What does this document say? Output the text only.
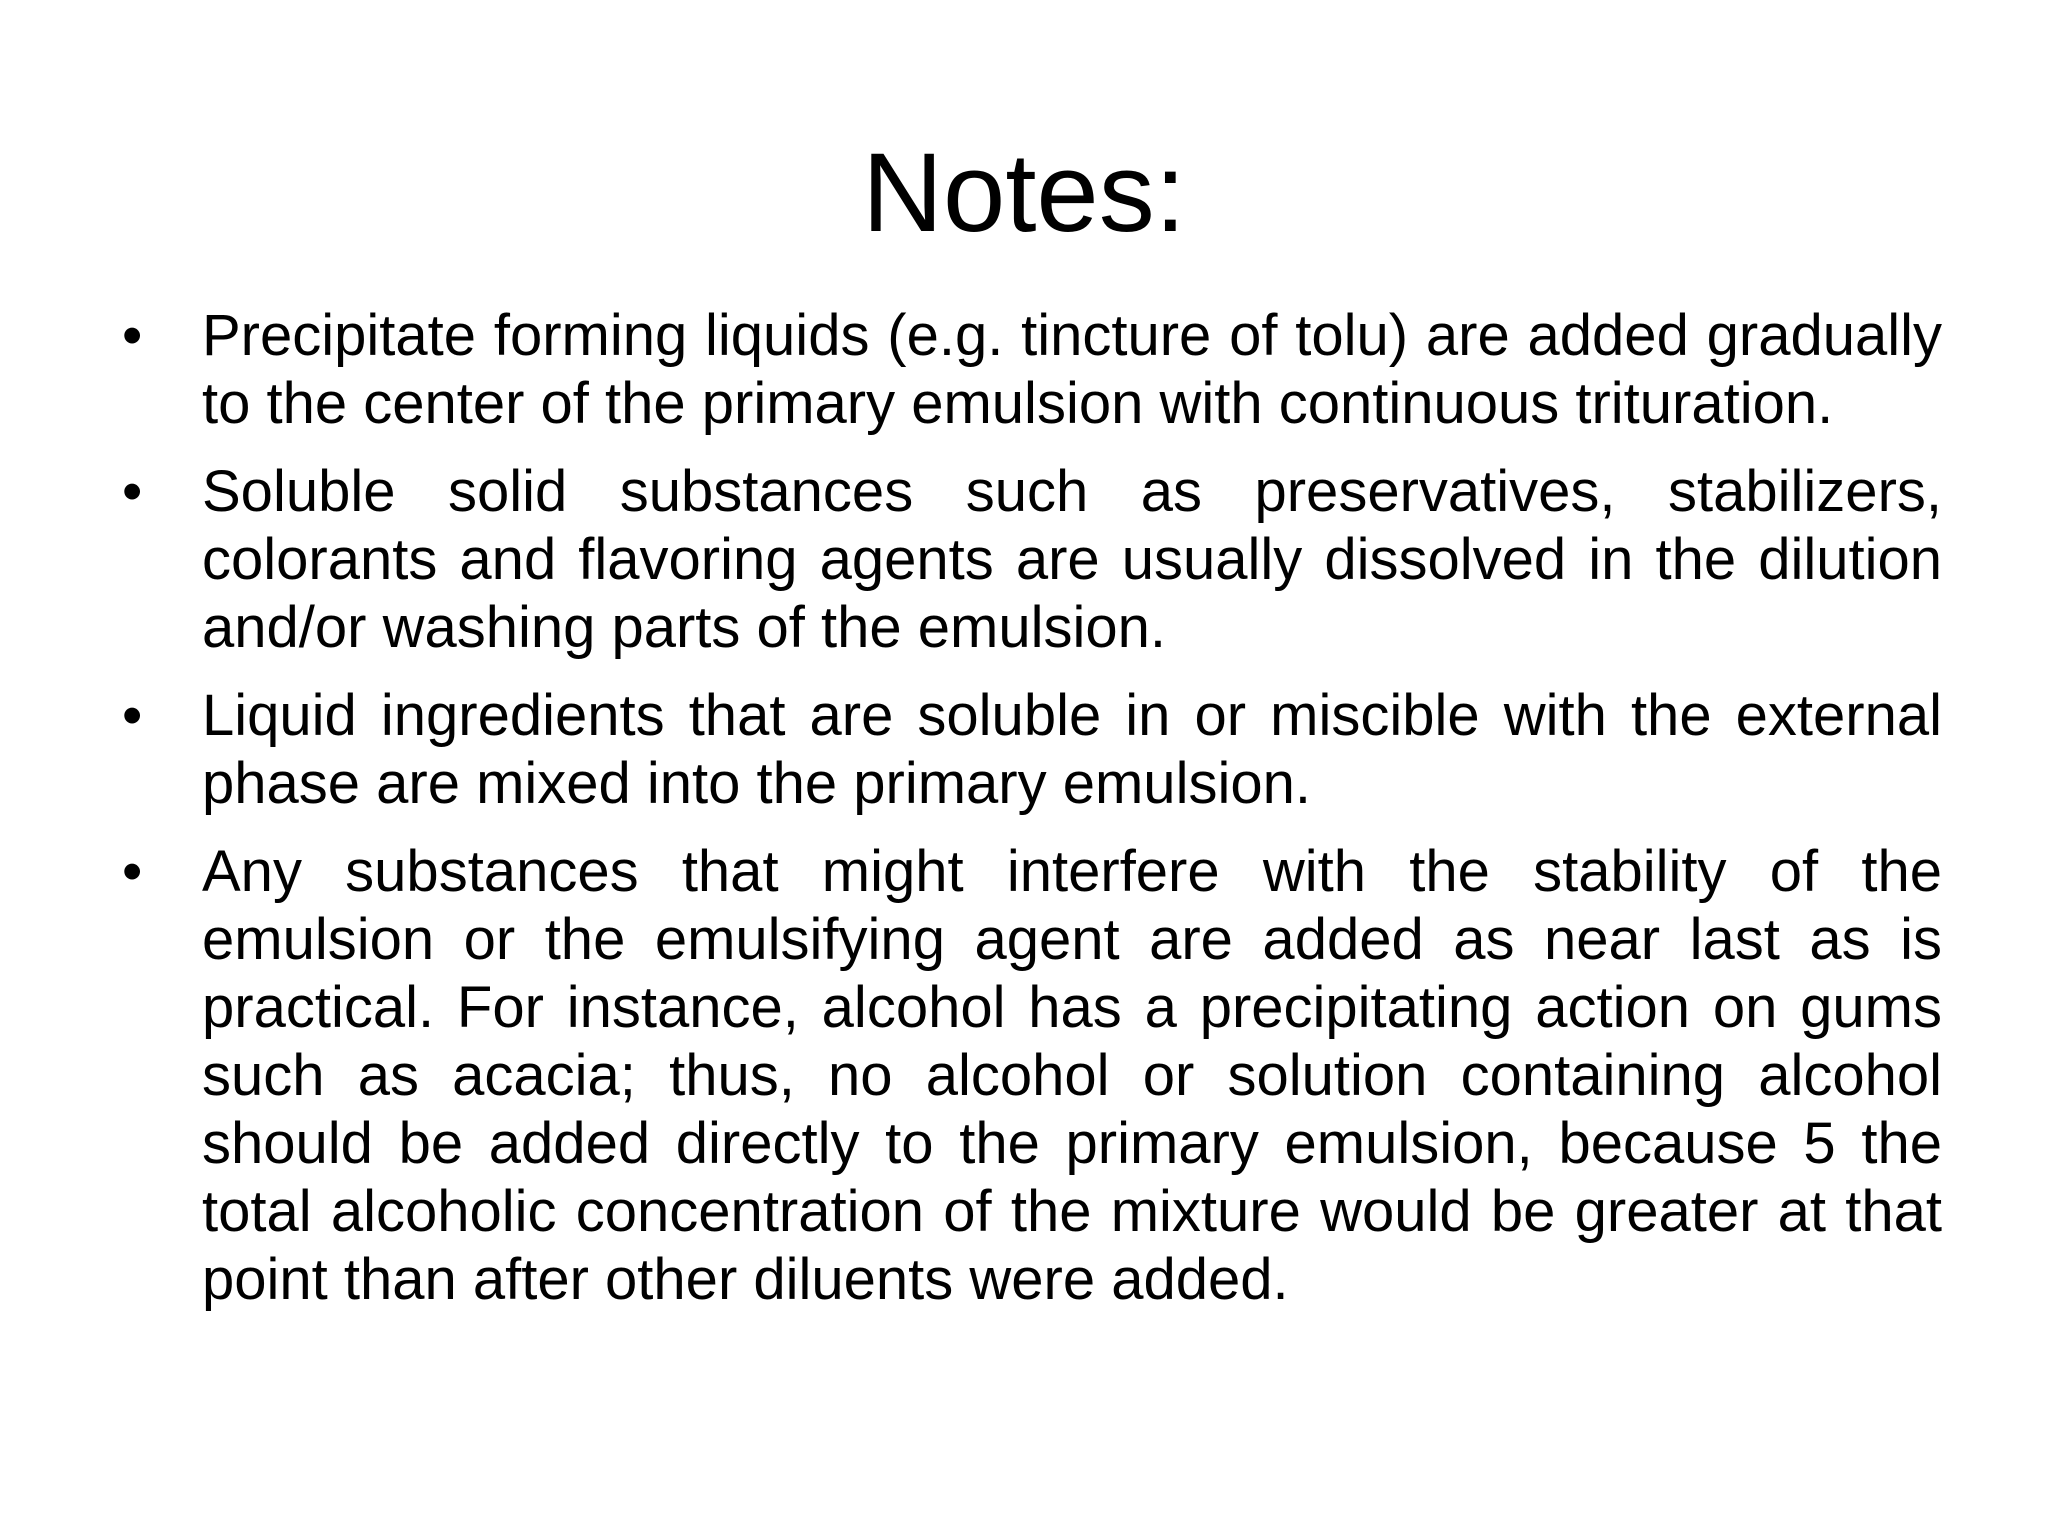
Notes:
•	Precipitate forming liquids (e.g. tincture of tolu) are added gradually to the center of the primary emulsion with continuous trituration.
•	Soluble solid substances such as preservatives, stabilizers, colorants and flavoring agents are usually dissolved in the dilution and/or washing parts of the emulsion.
•	Liquid ingredients that are soluble in or miscible with the external phase are mixed into the primary emulsion.
•	Any substances that might interfere with the stability of the emulsion or the emulsifying agent are added as near last as is practical. For instance, alcohol has a precipitating action on gums such as acacia; thus, no alcohol or solution containing alcohol should be added directly to the primary emulsion, because 5 the total alcoholic concentration of the mixture would be greater at that point than after other diluents were added.
